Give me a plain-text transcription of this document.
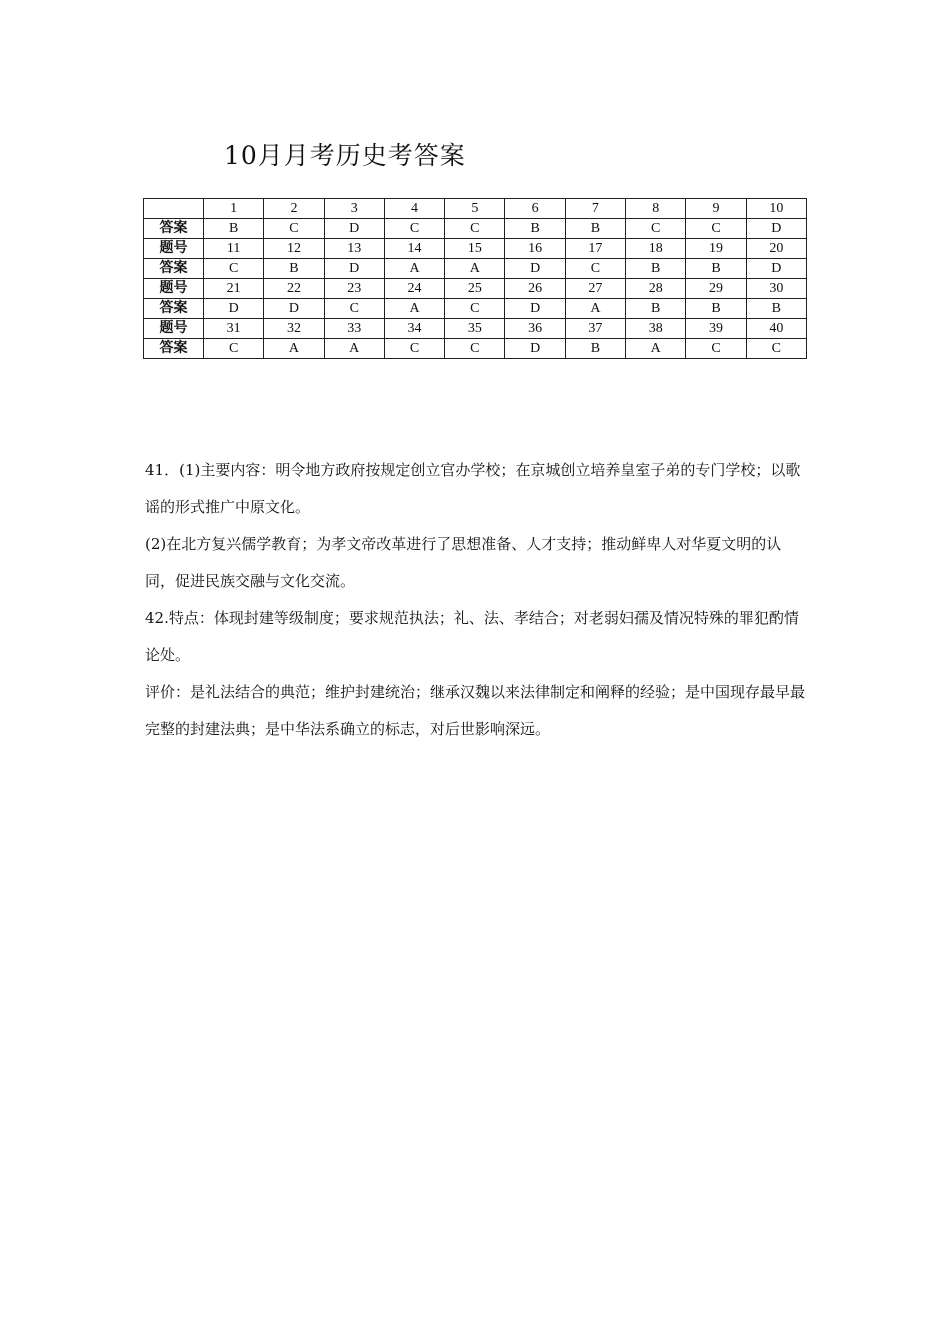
10月月考历史考答案
	1	2	3	4	5	6	7	8	9	10
答案	B	C	D	C	C	B	B	C	C	D
题号	11	12	13	14	15	16	17	18	19	20
答案	C	B	D	A	A	D	C	B	B	D
题号	21	22	23	24	25	26	27	28	29	30
答案	D	D	C	A	C	D	A	B	B	B
题号	31	32	33	34	35	36	37	38	39	40
答案	C	A	A	C	C	D	B	A	C	C

41．(1)主要内容：明令地方政府按规定创立官办学校；在京城创立培养皇室子弟的专门学校；以歌谣的形式推广中原文化。

(2)在北方复兴儒学教育；为孝文帝改革进行了思想准备、人才支持；推动鲜卑人对华夏文明的认同，促进民族交融与文化交流。

42.特点：体现封建等级制度；要求规范执法；礼、法、孝结合；对老弱妇孺及情况特殊的罪犯酌情论处。

评价：是礼法结合的典范；维护封建统治；继承汉魏以来法律制定和阐释的经验；是中国现存最早最完整的封建法典；是中华法系确立的标志，对后世影响深远。
